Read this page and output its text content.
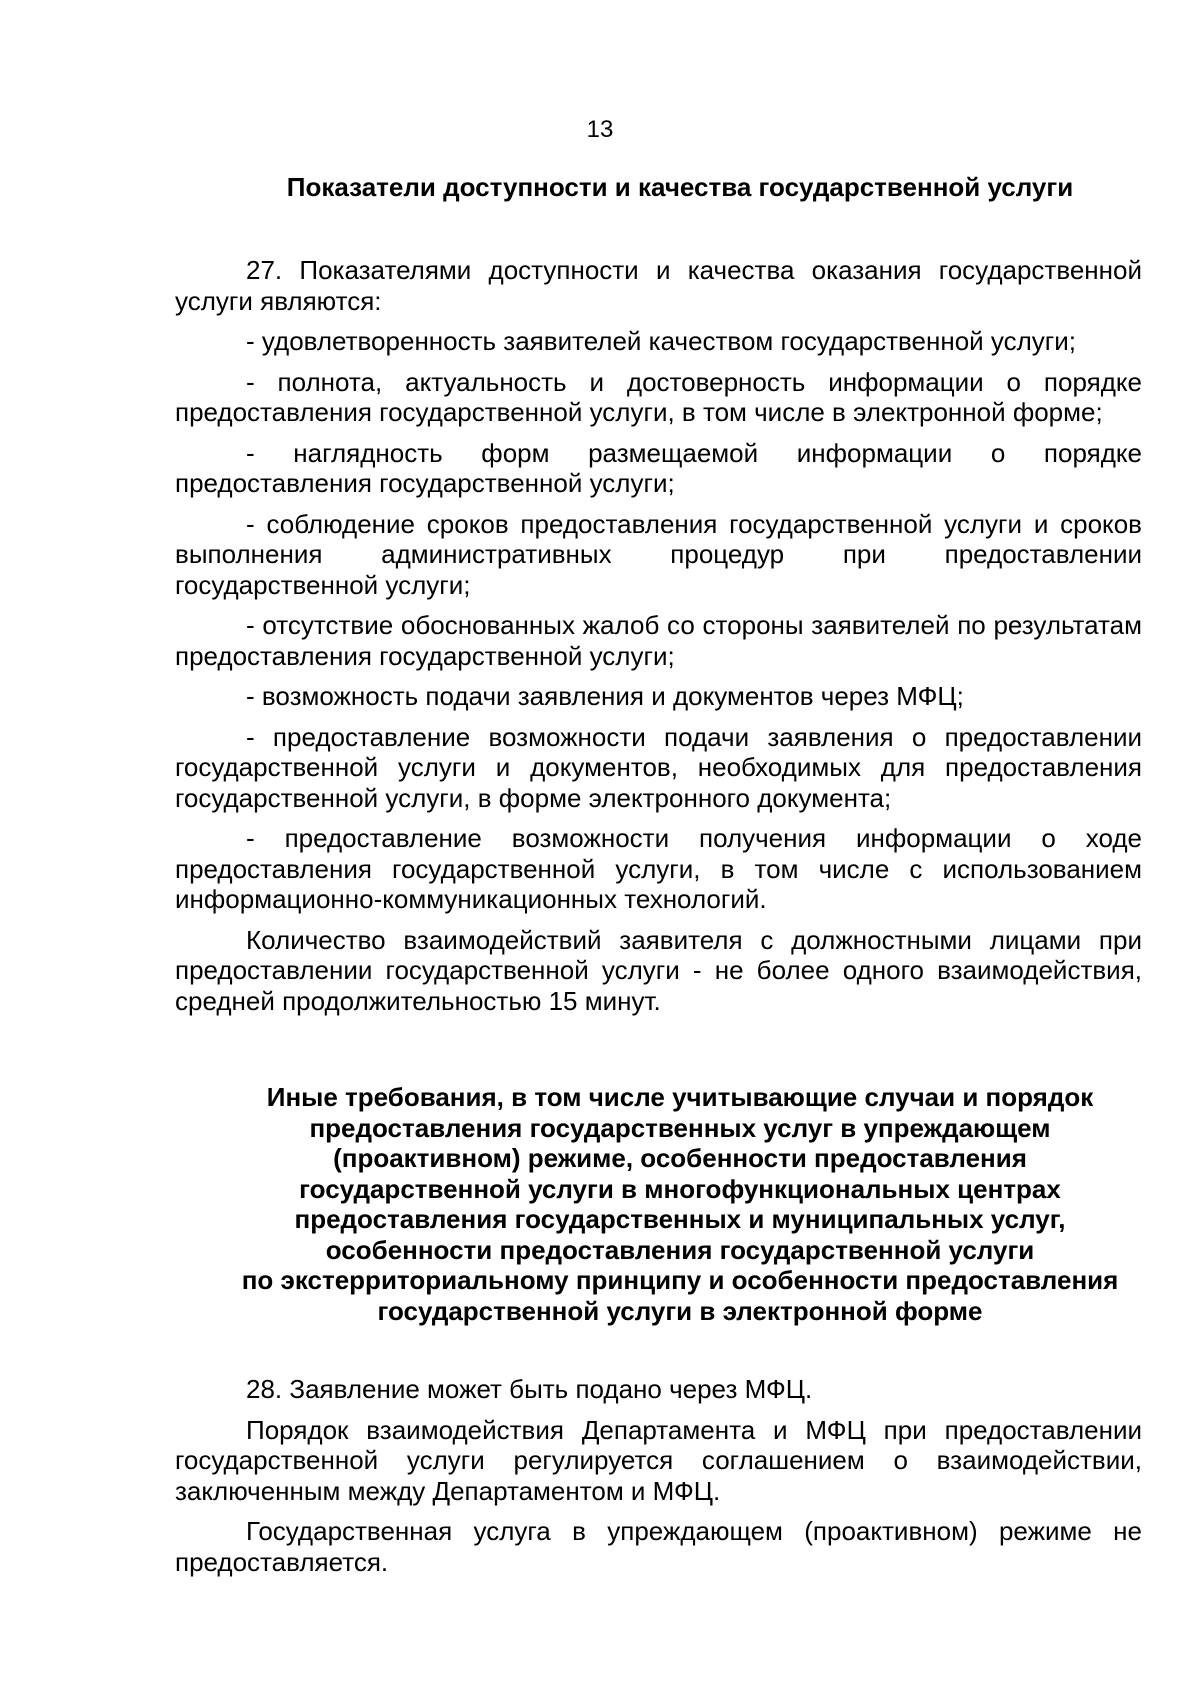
13
Показатели доступности и качества государственной услуги

27. Показателями доступности и качества оказания государственной услуги являются:

- удовлетворенность заявителей качеством государственной услуги;

- полнота, актуальность и достоверность информации о порядке предоставления государственной услуги, в том числе в электронной форме;

- наглядность форм размещаемой информации о порядке предоставления государственной услуги;

- соблюдение сроков предоставления государственной услуги и сроков выполнения административных процедур при предоставлении государственной услуги;

- отсутствие обоснованных жалоб со стороны заявителей по результатам предоставления государственной услуги;

- возможность подачи заявления и документов через МФЦ;

- предоставление возможности подачи заявления о предоставлении государственной услуги и документов, необходимых для предоставления государственной услуги, в форме электронного документа;

- предоставление возможности получения информации о ходе предоставления государственной услуги, в том числе с использованием информационно-коммуникационных технологий.

Количество взаимодействий заявителя с должностными лицами при предоставлении государственной услуги - не более одного взаимодействия, средней продолжительностью 15 минут.

Иные требования, в том числе учитывающие случаи и порядок
предоставления государственных услуг в упреждающем
(проактивном) режиме, особенности предоставления
государственной услуги в многофункциональных центрах
предоставления государственных и муниципальных услуг,
особенности предоставления государственной услуги
по экстерриториальному принципу и особенности предоставления
государственной услуги в электронной форме

28. Заявление может быть подано через МФЦ.

Порядок взаимодействия Департамента и МФЦ при предоставлении государственной услуги регулируется соглашением о взаимодействии, заключенным между Департаментом и МФЦ.

Государственная услуга в упреждающем (проактивном) режиме не предоставляется.
